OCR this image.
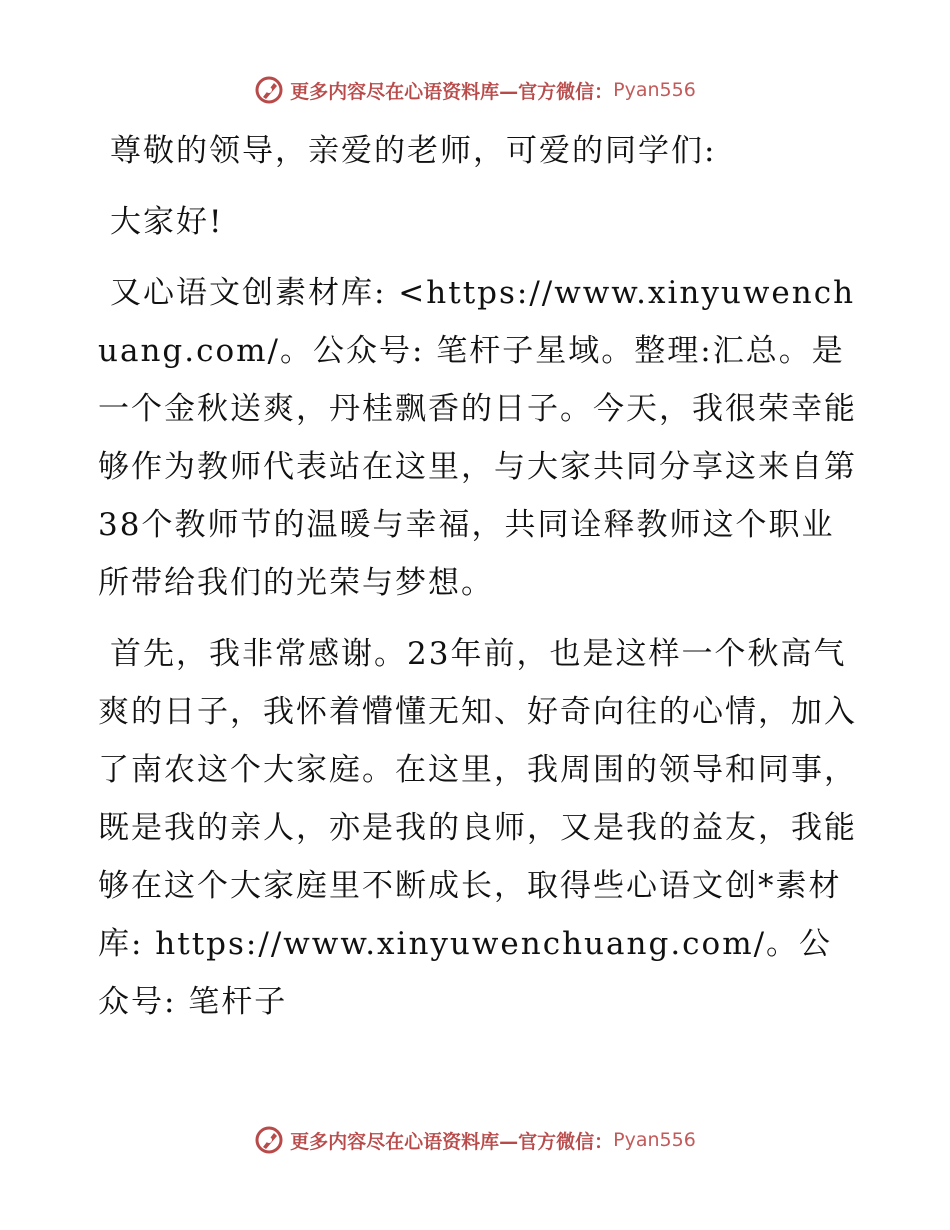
更多内容尽在心语资料库—官方微信： Pyan556

尊敬的领导，亲爱的老师，可爱的同学们:

大家好!

又心语文创素材库: <https://www.xinyuwenchuang.com/。公众号: 笔杆子星域。整理:汇总。是一个金秋送爽，丹桂飘香的日子。今天，我很荣幸能够作为教师代表站在这里，与大家共同分享这来自第38个教师节的温暖与幸福，共同诠释教师这个职业所带给我们的光荣与梦想。

首先，我非常感谢。23年前，也是这样一个秋高气爽的日子，我怀着懵懂无知、好奇向往的心情，加入了南农这个大家庭。在这里，我周围的领导和同事，既是我的亲人，亦是我的良师，又是我的益友，我能够在这个大家庭里不断成长，取得些心语文创*素材库: https://www.xinyuwenchuang.com/。公众号: 笔杆子

更多内容尽在心语资料库—官方微信： Pyan556
